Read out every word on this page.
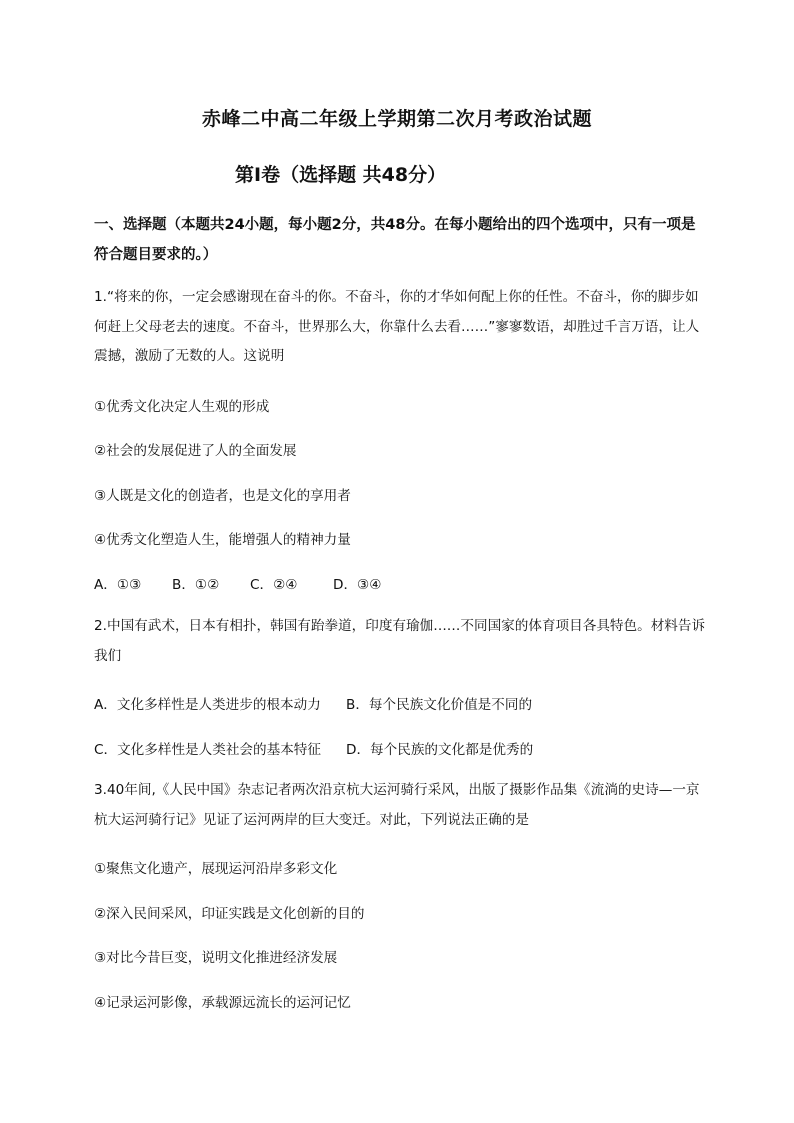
赤峰二中高二年级上学期第二次月考政治试题
第Ⅰ卷（选择题 共48分）
一、选择题（本题共24小题，每小题2分，共48分。在每小题给出的四个选项中，只有一项是符合题目要求的。）
1.“将来的你，一定会感谢现在奋斗的你。不奋斗，你的才华如何配上你的任性。不奋斗，你的脚步如何赶上父母老去的速度。不奋斗，世界那么大，你靠什么去看……”寥寥数语，却胜过千言万语，让人震撼，激励了无数的人。这说明
①优秀文化决定人生观的形成
②社会的发展促进了人的全面发展
③人既是文化的创造者，也是文化的享用者
④优秀文化塑造人生，能增强人的精神力量
A．①③ B．①② C．②④	D．③④
2.中国有武术，日本有相扑，韩国有跆拳道，印度有瑜伽……不同国家的体育项目各具特色。材料告诉我们
A．文化多样性是人类进步的根本动力 B．每个民族文化价值是不同的
C．文化多样性是人类社会的基本特征 D．每个民族的文化都是优秀的
3.40年间,《人民中国》杂志记者两次沿京杭大运河骑行采风，出版了摄影作品集《流淌的史诗—一京杭大运河骑行记》见证了运河两岸的巨大变迁。对此，下列说法正确的是
①聚焦文化遗产，展现运河沿岸多彩文化
②深入民间采风，印证实践是文化创新的目的
③对比今昔巨变，说明文化推进经济发展
④记录运河影像，承载源远流长的运河记忆
